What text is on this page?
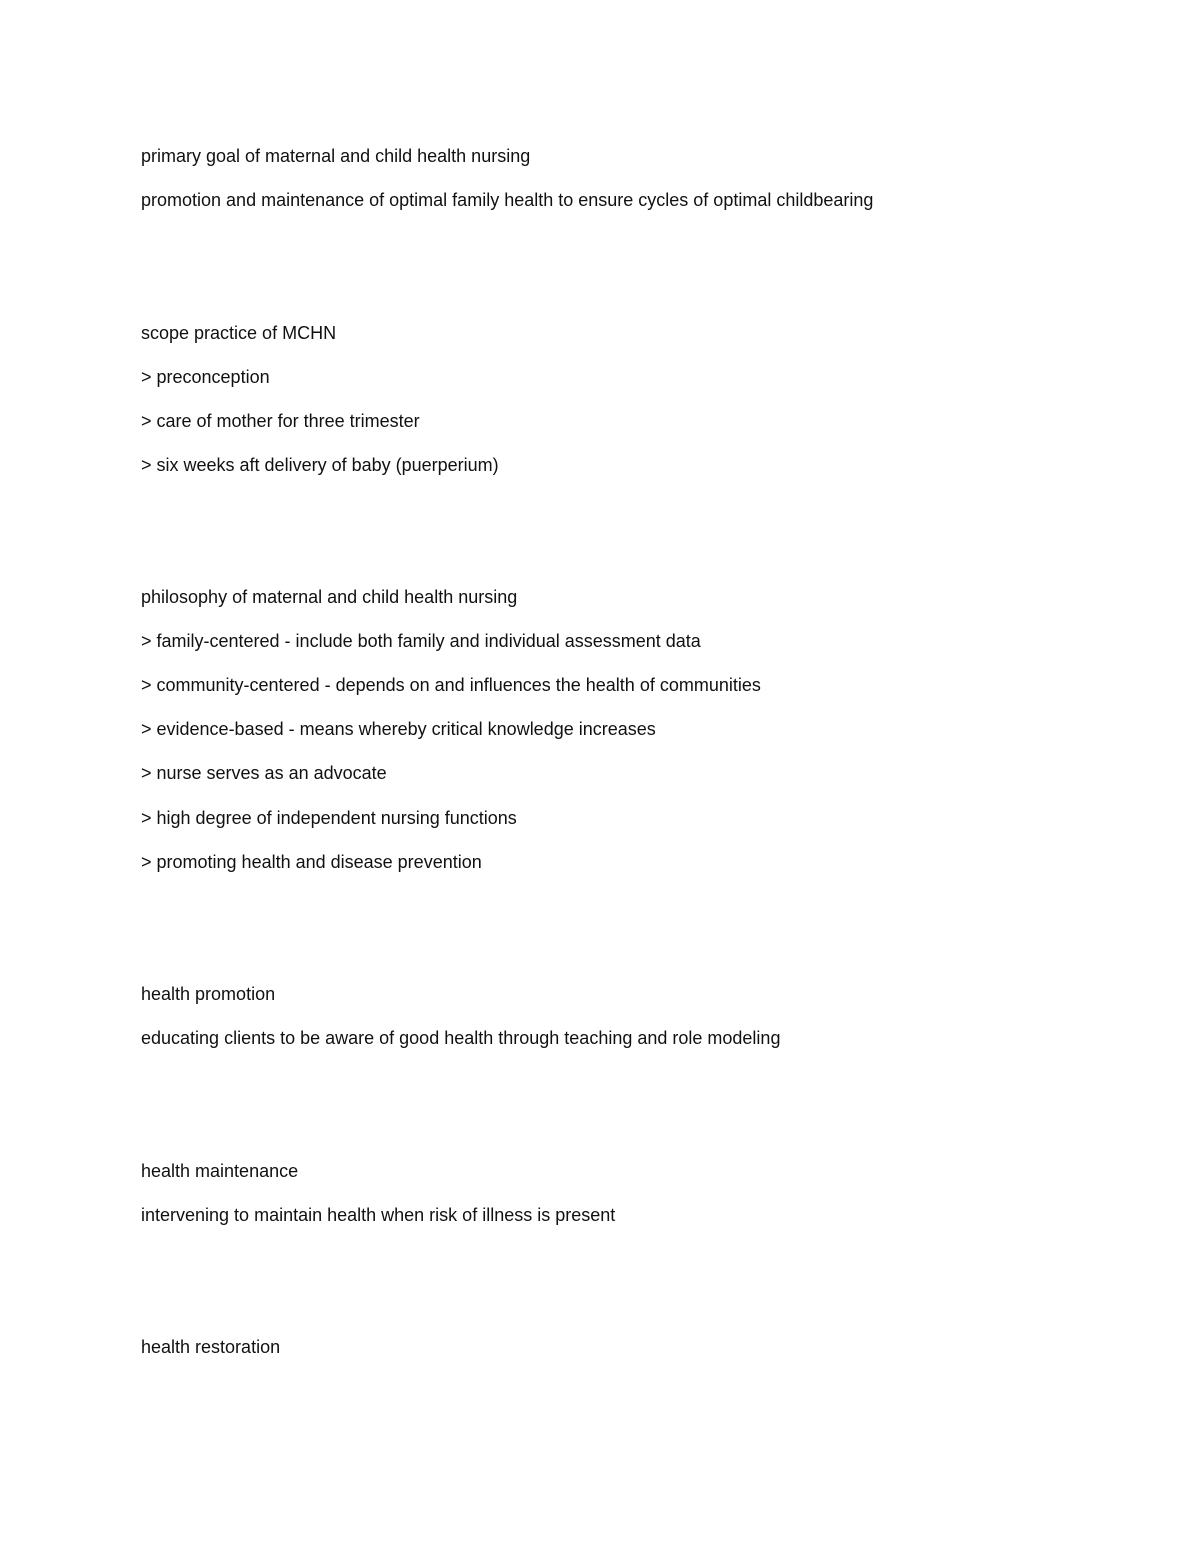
primary goal of maternal and child health nursing

promotion and maintenance of optimal family health to ensure cycles of optimal childbearing

scope practice of MCHN

> preconception

> care of mother for three trimester

> six weeks aft delivery of baby (puerperium)

philosophy of maternal and child health nursing

> family-centered - include both family and individual assessment data

> community-centered - depends on and influences the health of communities

> evidence-based - means whereby critical knowledge increases

> nurse serves as an advocate

> high degree of independent nursing functions

> promoting health and disease prevention

health promotion

educating clients to be aware of good health through teaching and role modeling

health maintenance

intervening to maintain health when risk of illness is present

health restoration
